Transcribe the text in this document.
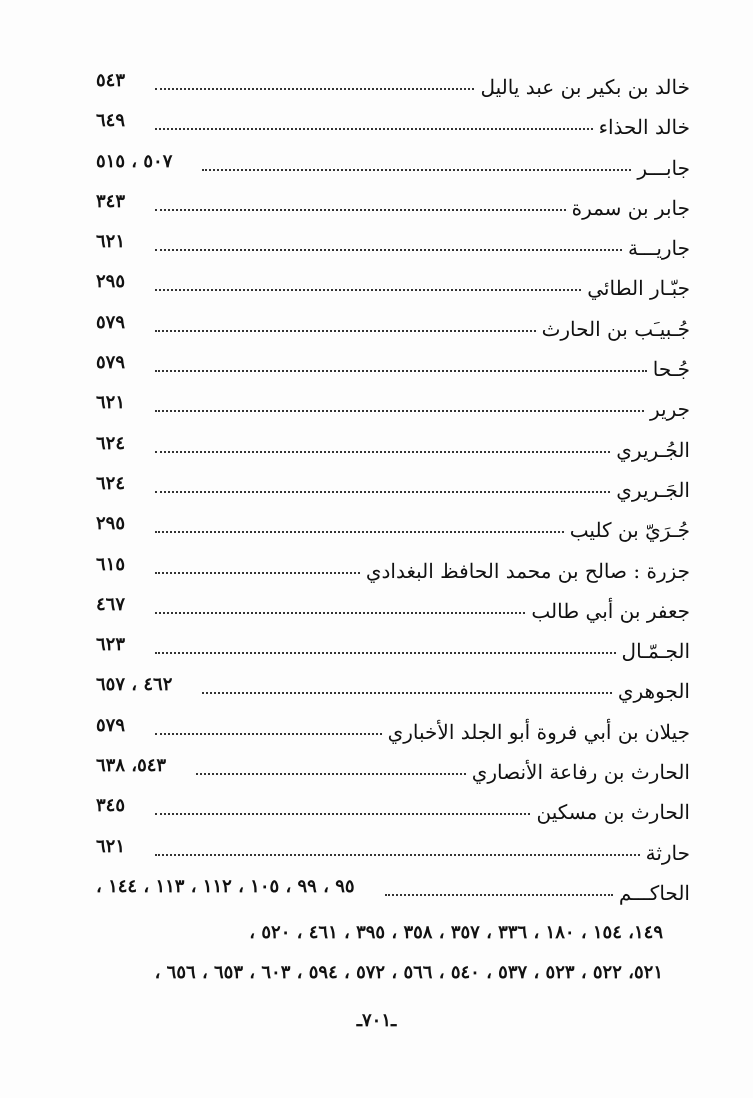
خالد بن بكير بن عبد ياليل
٥٤٣
خالد الحذاء
٦٤٩
جابـــر
٥٠٧ ، ٥١٥
جابر بن سمرة
٣٤٣
جاريـــة
٦٢١
جبّـار الطائي
٢٩٥
جُـبيـَب بن الحارث
٥٧٩
جُـحا
٥٧٩
جرير
٦٢١
الجُـريري
٦٢٤
الجَـريري
٦٢٤
جُـرَيّ بن كليب
٢٩٥
جزرة : صالح بن محمد الحافظ البغدادي
٦١٥
جعفر بن أبي طالب
٤٦٧
الجـمّـال
٦٢٣
الجوهري
٤٦٢ ، ٦٥٧
جيلان بن أبي فروة أبو الجلد الأخباري
٥٧٩
الحارث بن رفاعة الأنصاري
٥٤٣، ٦٣٨
الحارث بن مسكين
٣٤٥
حارثة
٦٢١
الحاكـــم
٩٥ ، ٩٩ ، ١٠٥ ، ١١٢ ، ١١٣ ، ١٤٤ ،
١٤٩، ١٥٤ ، ١٨٠ ، ٣٣٦ ، ٣٥٧ ، ٣٥٨ ، ٣٩٥ ، ٤٦١ ، ٥٢٠ ،
٥٢١، ٥٢٢ ، ٥٢٣ ، ٥٣٧ ، ٥٤٠ ، ٥٦٦ ، ٥٧٢ ، ٥٩٤ ، ٦٠٣ ، ٦٥٣ ، ٦٥٦ ،
ـ٧٠١ـ
